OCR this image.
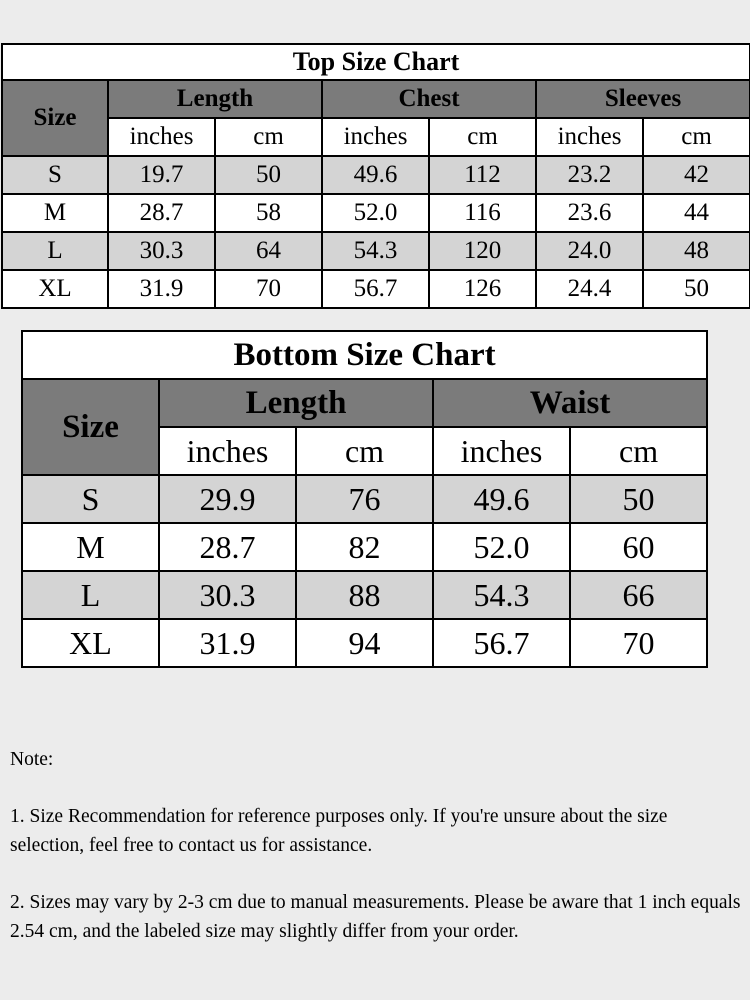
Top Size Chart						
Size	Length		Chest		Sleeves	
	inches	cm	inches	cm	inches	cm
S	19.7	50	49.6	112	23.2	42
M	28.7	58	52.0	116	23.6	44
L	30.3	64	54.3	120	24.0	48
XL	31.9	70	56.7	126	24.4	50
Bottom Size Chart				
Size	Length		Waist	
	inches	cm	inches	cm
S	29.9	76	49.6	50
M	28.7	82	52.0	60
L	30.3	88	54.3	66
XL	31.9	94	56.7	70

Note:

1. Size Recommendation for reference purposes only. If you're unsure about the size selection, feel free to contact us for assistance.

2. Sizes may vary by 2-3 cm due to manual measurements. Please be aware that 1 inch equals 2.54 cm, and the labeled size may slightly differ from your order.
